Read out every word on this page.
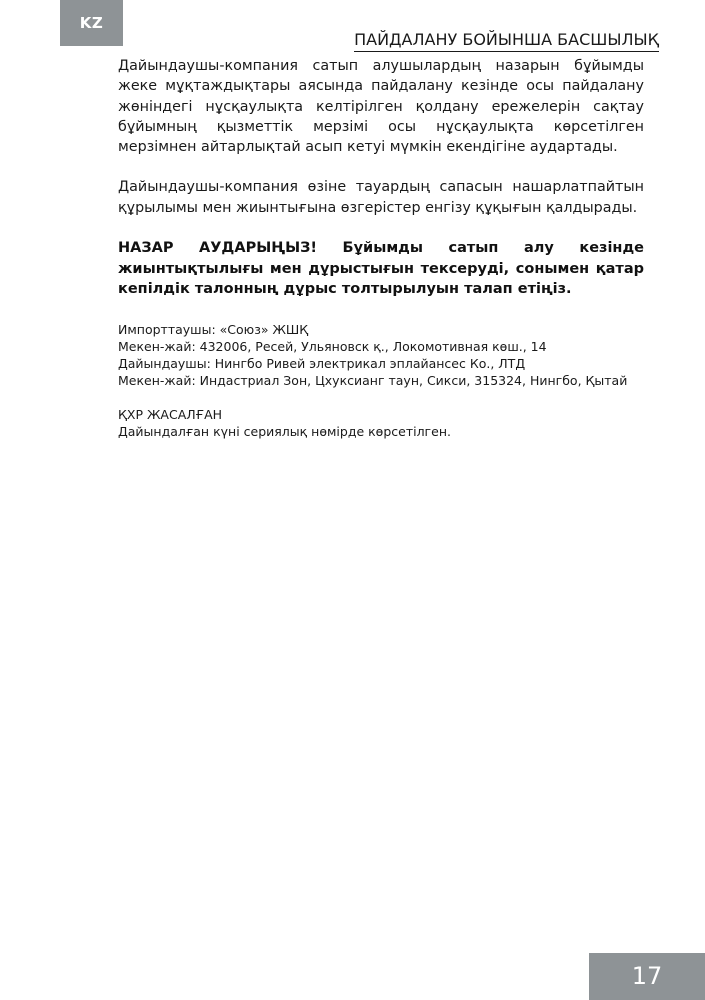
KZ
ПАЙДАЛАНУ БОЙЫНША БАСШЫЛЫҚ

Дайындаушы-компания сатып алушылардың назарын бұйымды жеке мұқтаждықтары аясында пайдалану кезінде осы пайдалану жөніндегі нұсқаулықта келтірілген қолдану ережелерін сақтау бұйымның қызметтік мерзімі осы нұсқаулықта көрсетілген мерзімнен айтарлықтай асып кетуі мүмкін екендігіне аудартады.

Дайындаушы-компания өзіне тауардың сапасын нашарлатпайтын құрылымы мен жиынтығына өзгерістер енгізу құқығын қалдырады.

НАЗАР АУДАРЫҢЫЗ! Бұйымды сатып алу кезінде жиынтықтылығы мен дұрыстығын тексеруді, сонымен қатар кепілдік талонның дұрыс толтырылуын талап етіңіз.

Импорттаушы: «Союз» ЖШҚ
Мекен-жай: 432006, Ресей, Ульяновск қ., Локомотивная көш., 14
Дайындаушы: Нингбо Ривей электрикал эплайансес Ко., ЛТД
Мекен-жай: Индастриал Зон, Цхуксианг таун, Сикси, 315324, Нингбо, Қытай
ҚХР ЖАСАЛҒАН
Дайындалған күні сериялық нөмірде көрсетілген.
17
